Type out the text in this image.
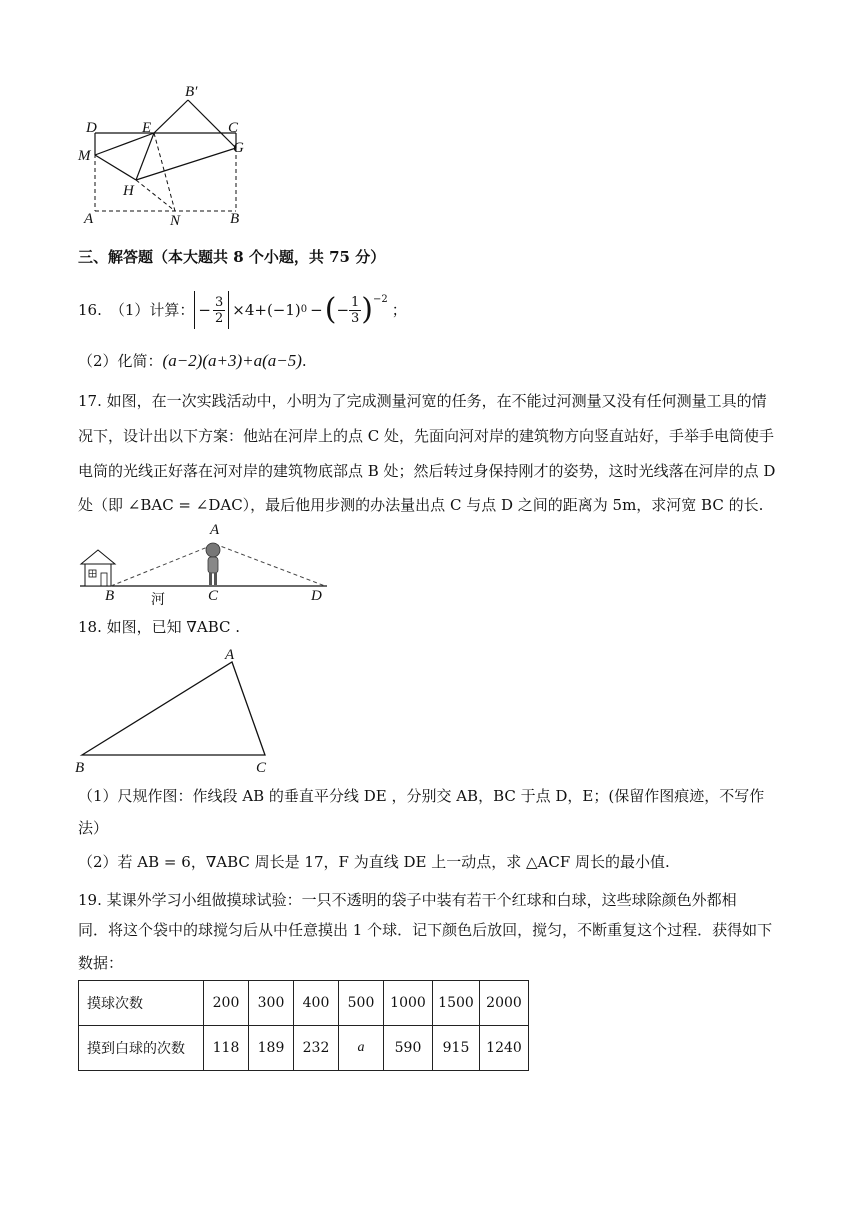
B′
D	E	C
M	G
H
A	N	B
三、解答题（本大题共 8 个小题，共 75 分）
16. （1）计算： − $\frac{3}{2} \times 4+(-1) 0$ − ( − $\frac{1}{3} )^{-2}$
；
（2）化简：(a−2)(a+3)+a(a−5).
17. 如图，在一次实践活动中，小明为了完成测量河宽的任务，在不能过河测量又没有任何测量工具的情
况下，设计出以下方案：他站在河岸上的点 C 处，先面向河对岸的建筑物方向竖直站好，手举手电筒使手
电筒的光线正好落在河对岸的建筑物底部点 B 处；然后转过身保持刚才的姿势，这时光线落在河岸的点 D
处（即 ∠BAC = ∠DAC），最后他用步测的办法量出点 C 与点 D 之间的距离为 5m，求河宽 BC 的长.
A
B	河	C	D
18. 如图，已知 ∇ABC .
A
B	C
（1）尺规作图：作线段 AB 的垂直平分线 DE ，分别交 AB，BC 于点 D，E；(保留作图痕迹，不写作
法）
（2）若 AB = 6，∇ABC 周长是 17，F 为直线 DE 上一动点，求 △ACF 周长的最小值.
19. 某课外学习小组做摸球试验：一只不透明的袋子中装有若干个红球和白球，这些球除颜色外都相
同．将这个袋中的球搅匀后从中任意摸出 1 个球．记下颜色后放回，搅匀，不断重复这个过程．获得如下
数据：
摸球次数	200	300	400	500	1000	1500	2000
摸到白球的次数	118	189	232	a	590	915	1240
